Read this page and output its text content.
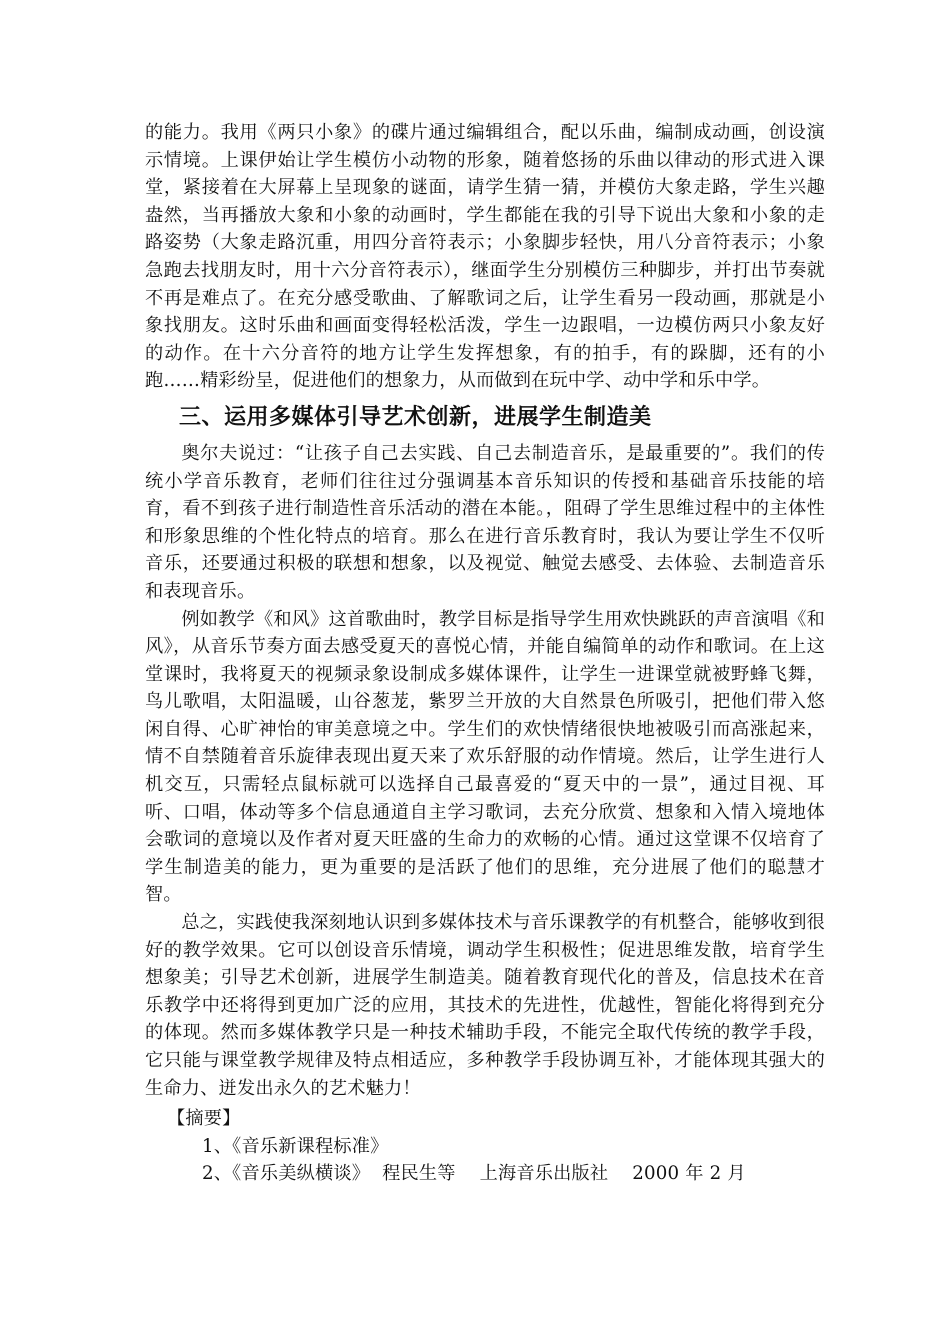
的能力。我用《两只小象》的碟片通过编辑组合，配以乐曲，编制成动画，创设演示情境。上课伊始让学生模仿小动物的形象，随着悠扬的乐曲以律动的形式进入课堂，紧接着在大屏幕上呈现象的谜面，请学生猜一猜，并模仿大象走路，学生兴趣盎然，当再播放大象和小象的动画时，学生都能在我的引导下说出大象和小象的走路姿势（大象走路沉重，用四分音符表示；小象脚步轻快，用八分音符表示；小象急跑去找朋友时，用十六分音符表示），继面学生分别模仿三种脚步，并打出节奏就不再是难点了。在充分感受歌曲、了解歌词之后，让学生看另一段动画，那就是小象找朋友。这时乐曲和画面变得轻松活泼，学生一边跟唱，一边模仿两只小象友好的动作。在十六分音符的地方让学生发挥想象，有的拍手，有的跺脚，还有的小跑……精彩纷呈，促进他们的想象力，从而做到在玩中学、动中学和乐中学。

三、运用多媒体引导艺术创新，进展学生制造美

奥尔夫说过：“让孩子自己去实践、自己去制造音乐，是最重要的”。我们的传统小学音乐教育，老师们往往过分强调基本音乐知识的传授和基础音乐技能的培育，看不到孩子进行制造性音乐活动的潜在本能。，阻碍了学生思维过程中的主体性和形象思维的个性化特点的培育。那么在进行音乐教育时，我认为要让学生不仅听音乐，还要通过积极的联想和想象，以及视觉、触觉去感受、去体验、去制造音乐和表现音乐。

例如教学《和风》这首歌曲时，教学目标是指导学生用欢快跳跃的声音演唱《和风》，从音乐节奏方面去感受夏天的喜悦心情，并能自编简单的动作和歌词。在上这堂课时，我将夏天的视频录象设制成多媒体课件，让学生一进课堂就被野蜂飞舞，鸟儿歌唱，太阳温暖，山谷葱茏，紫罗兰开放的大自然景色所吸引，把他们带入悠闲自得、心旷神怡的审美意境之中。学生们的欢快情绪很快地被吸引而高涨起来，情不自禁随着音乐旋律表现出夏天来了欢乐舒服的动作情境。然后，让学生进行人机交互，只需轻点鼠标就可以选择自己最喜爱的“夏天中的一景”，通过目视、耳听、口唱，体动等多个信息通道自主学习歌词，去充分欣赏、想象和入情入境地体会歌词的意境以及作者对夏天旺盛的生命力的欢畅的心情。通过这堂课不仅培育了学生制造美的能力，更为重要的是活跃了他们的思维，充分进展了他们的聪慧才智。

总之，实践使我深刻地认识到多媒体技术与音乐课教学的有机整合，能够收到很好的教学效果。它可以创设音乐情境，调动学生积极性；促进思维发散，培育学生想象美；引导艺术创新，进展学生制造美。随着教育现代化的普及，信息技术在音乐教学中还将得到更加广泛的应用，其技术的先进性，优越性，智能化将得到充分的体现。然而多媒体教学只是一种技术辅助手段，不能完全取代传统的教学手段，它只能与课堂教学规律及特点相适应，多种教学手段协调互补，才能体现其强大的生命力、迸发出永久的艺术魅力！

【摘要】
1、《音乐新课程标准》
2、《音乐美纵横谈》  程民生等    上海音乐出版社    2000 年 2 月
